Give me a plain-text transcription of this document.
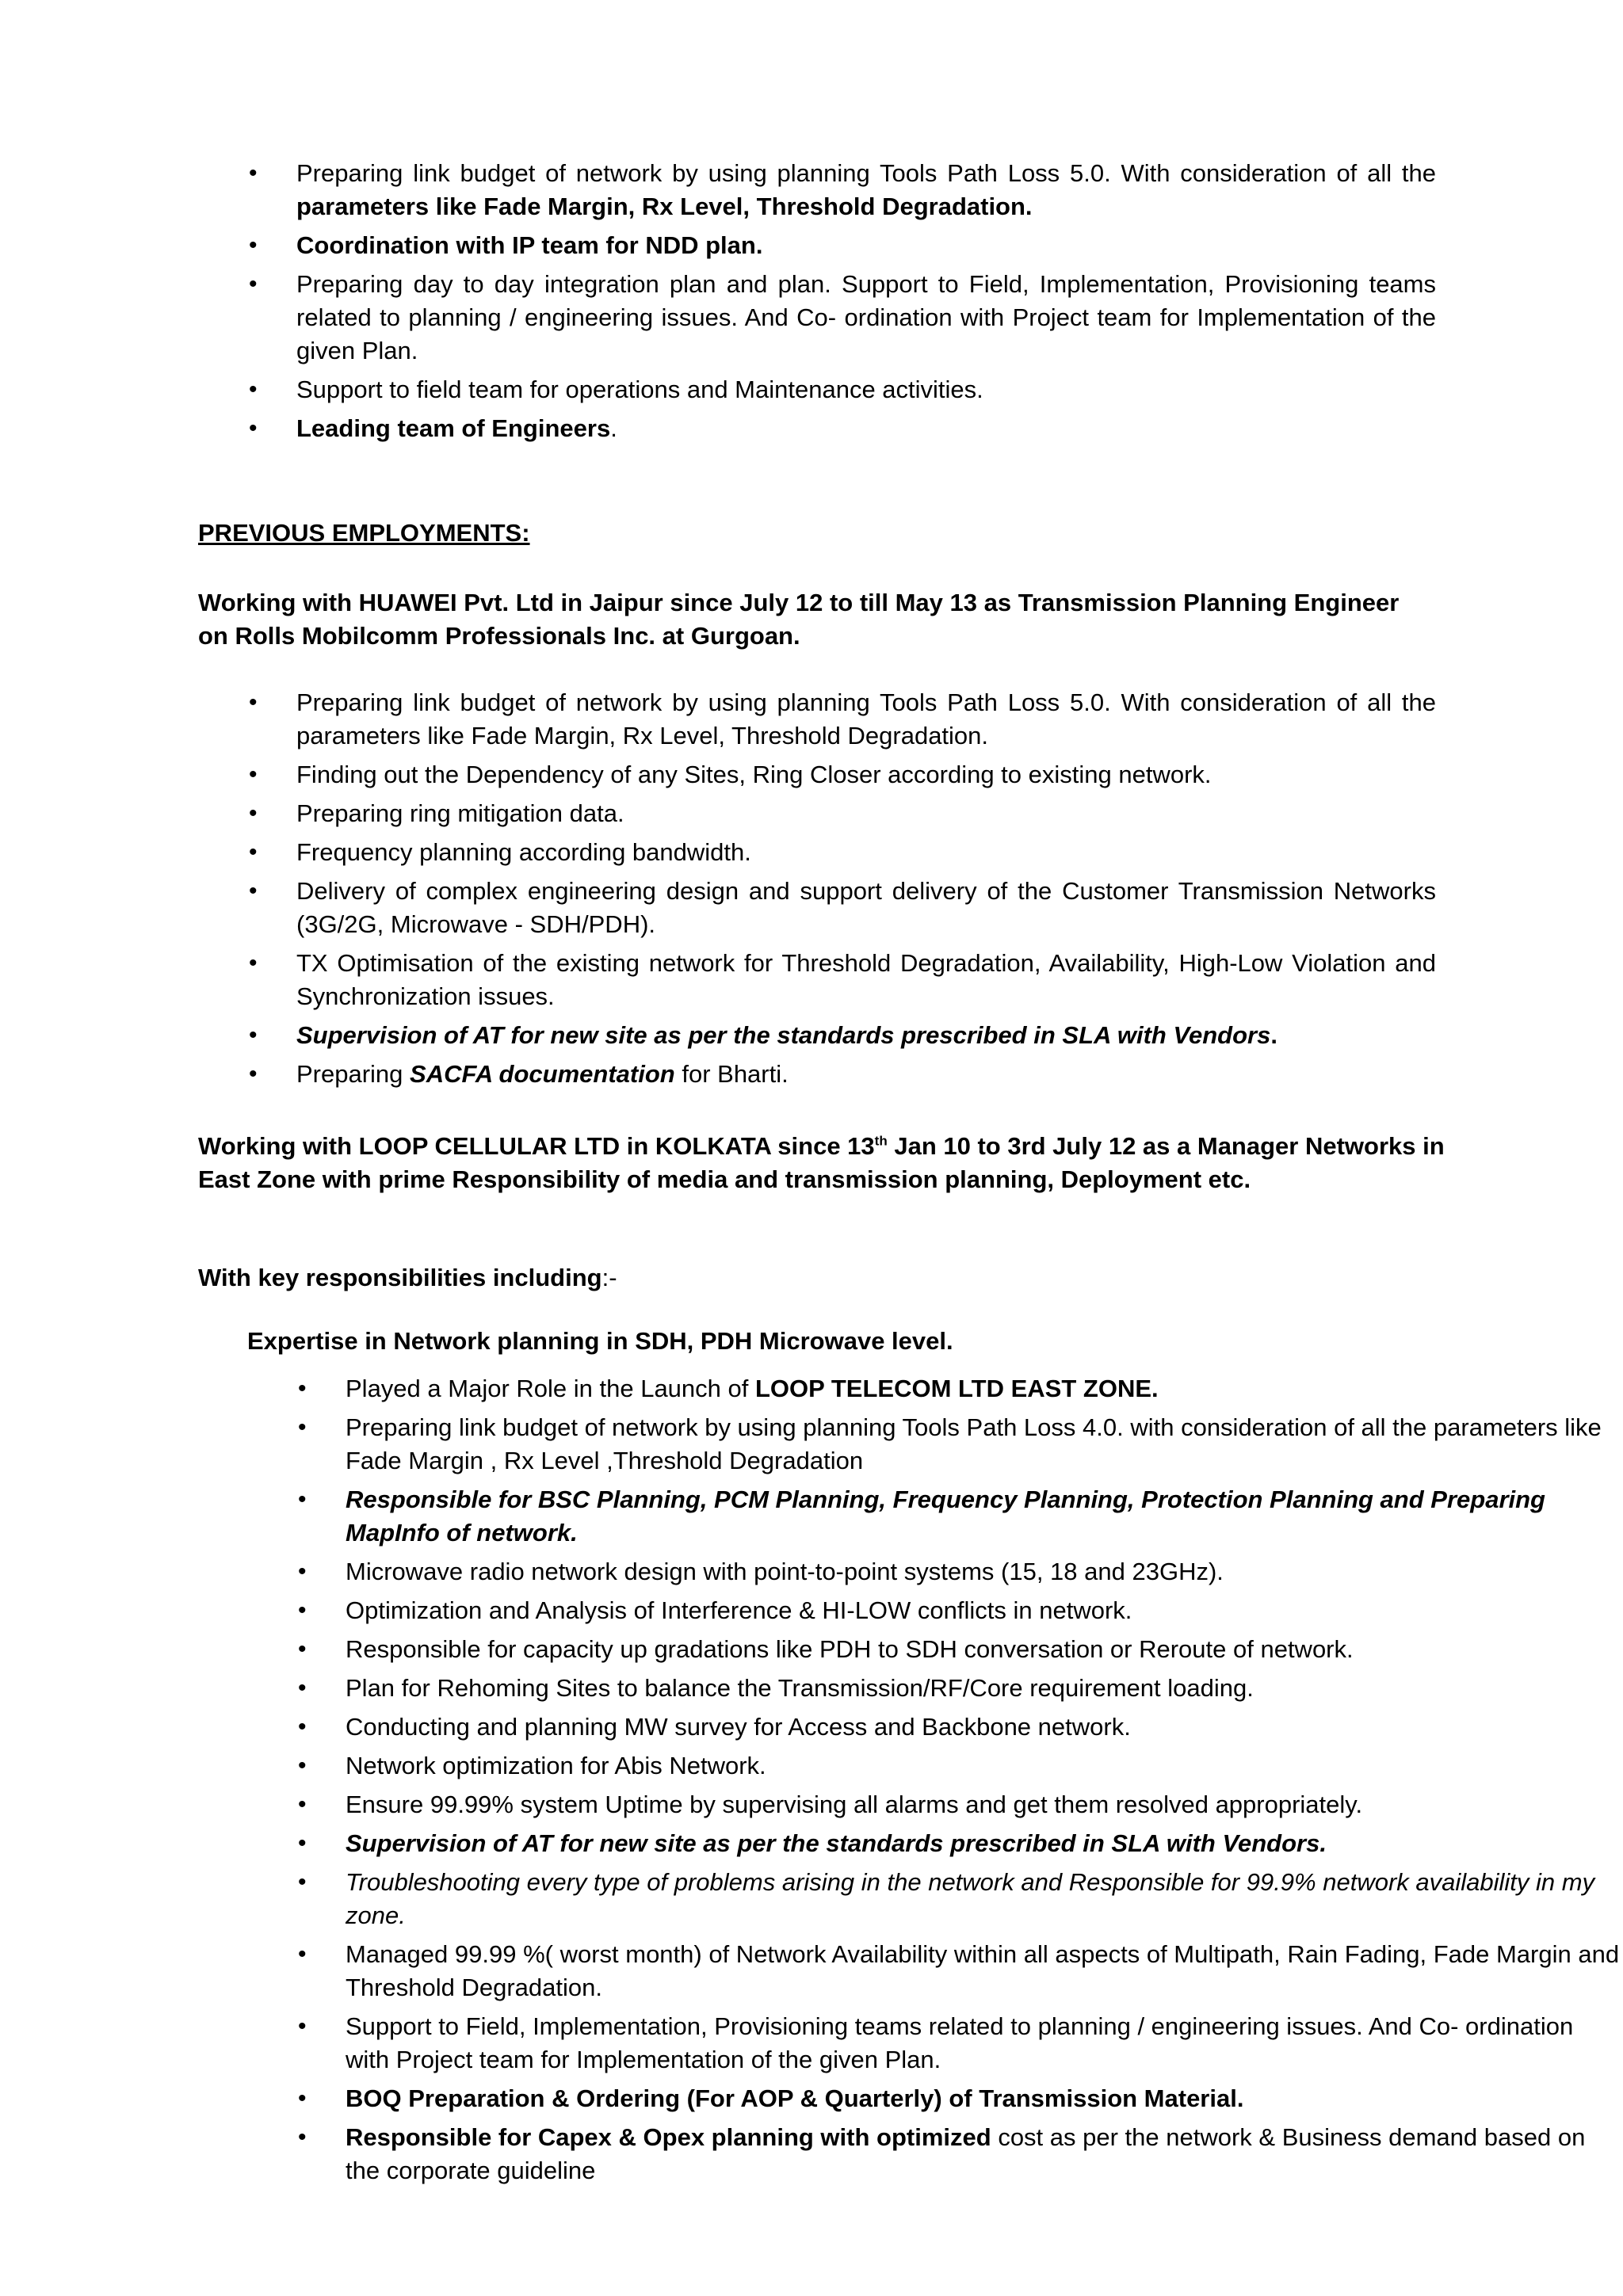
• Preparing link budget of network by using planning Tools Path Loss 5.0. With consideration of all the parameters like Fade Margin, Rx Level, Threshold Degradation.
• Coordination with IP team for NDD plan.
• Preparing day to day integration plan and plan. Support to Field, Implementation, Provisioning teams related to planning / engineering issues. And Co- ordination with Project team for Implementation of the given Plan.
• Support to field team for operations and Maintenance activities.
• Leading team of Engineers.
PREVIOUS EMPLOYMENTS:
Working with HUAWEI Pvt. Ltd in Jaipur since July 12 to till May 13 as Transmission Planning Engineer on Rolls Mobilcomm Professionals Inc. at Gurgoan.
• Preparing link budget of network by using planning Tools Path Loss 5.0. With consideration of all the parameters like Fade Margin, Rx Level, Threshold Degradation.
• Finding out the Dependency of any Sites, Ring Closer according to existing network.
• Preparing ring mitigation data.
• Frequency planning according bandwidth.
• Delivery of complex engineering design and support delivery of the Customer Transmission Networks (3G/2G, Microwave - SDH/PDH).
• TX Optimisation of the existing network for Threshold Degradation, Availability, High-Low Violation and Synchronization issues.
• Supervision of AT for new site as per the standards prescribed in SLA with Vendors.
• Preparing SACFA documentation for Bharti.
Working with LOOP CELLULAR LTD in KOLKATA since 13th Jan 10 to 3rd July 12 as a Manager Networks in East Zone with prime Responsibility of media and transmission planning, Deployment etc.
With key responsibilities including:-
Expertise in Network planning in SDH, PDH Microwave level.
• Played a Major Role in the Launch of LOOP TELECOM LTD EAST ZONE.
• Preparing link budget of network by using planning Tools Path Loss 4.0. with consideration of all the parameters like Fade Margin , Rx Level ,Threshold Degradation
• Responsible for BSC Planning, PCM Planning, Frequency Planning, Protection Planning and Preparing MapInfo of network.
• Microwave radio network design with point-to-point systems (15, 18 and 23GHz).
• Optimization and Analysis of Interference & HI-LOW conflicts in network.
• Responsible for capacity up gradations like PDH to SDH conversation or Reroute of network.
• Plan for Rehoming Sites to balance the Transmission/RF/Core requirement loading.
• Conducting and planning MW survey for Access and Backbone network.
• Network optimization for Abis Network.
• Ensure 99.99% system Uptime by supervising all alarms and get them resolved appropriately.
• Supervision of AT for new site as per the standards prescribed in SLA with Vendors.
• Troubleshooting every type of problems arising in the network and Responsible for 99.9% network availability in my zone.
• Managed 99.99 %( worst month) of Network Availability within all aspects of Multipath, Rain Fading, Fade Margin and Threshold Degradation.
• Support to Field, Implementation, Provisioning teams related to planning / engineering issues. And Co- ordination with Project team for Implementation of the given Plan.
• BOQ Preparation & Ordering (For AOP & Quarterly) of Transmission Material.
• Responsible for Capex & Opex planning with optimized cost as per the network & Business demand based on the corporate guideline
